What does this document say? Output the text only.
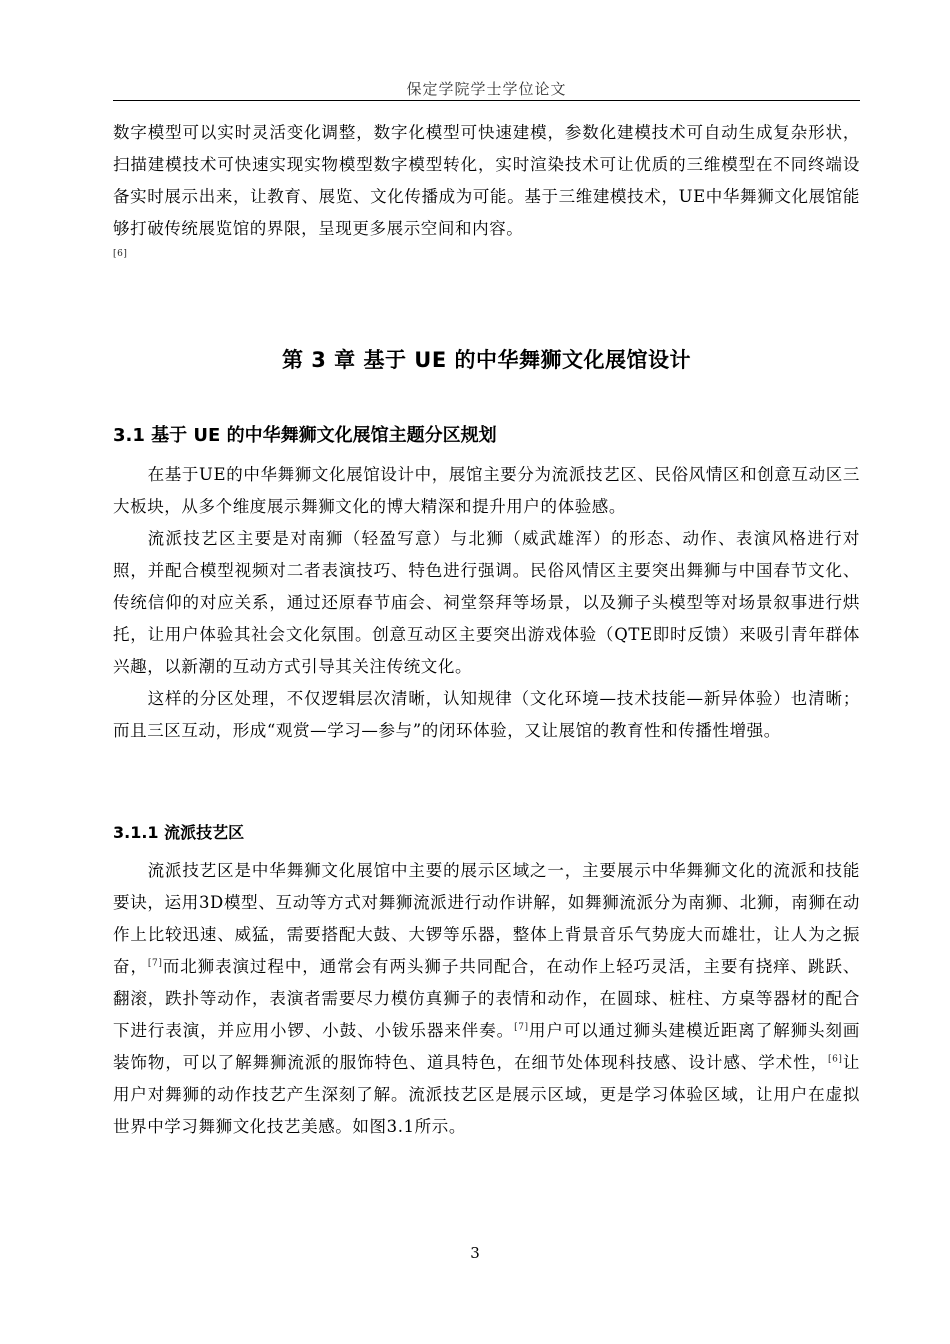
保定学院学士学位论文

数字模型可以实时灵活变化调整，数字化模型可快速建模，参数化建模技术可自动生成复杂形状，扫描建模技术可快速实现实物模型数字模型转化，实时渲染技术可让优质的三维模型在不同终端设备实时展示出来，让教育、展览、文化传播成为可能。基于三维建模技术，UE中华舞狮文化展馆能够打破传统展览馆的界限，呈现更多展示空间和内容。

[6]
第 3 章 基于 UE 的中华舞狮文化展馆设计
3.1 基于 UE 的中华舞狮文化展馆主题分区规划

在基于UE的中华舞狮文化展馆设计中，展馆主要分为流派技艺区、民俗风情区和创意互动区三大板块，从多个维度展示舞狮文化的博大精深和提升用户的体验感。

流派技艺区主要是对南狮（轻盈写意）与北狮（威武雄浑）的形态、动作、表演风格进行对照，并配合模型视频对二者表演技巧、特色进行强调。民俗风情区主要突出舞狮与中国春节文化、传统信仰的对应关系，通过还原春节庙会、祠堂祭拜等场景，以及狮子头模型等对场景叙事进行烘托，让用户体验其社会文化氛围。创意互动区主要突出游戏体验（QTE即时反馈）来吸引青年群体兴趣，以新潮的互动方式引导其关注传统文化。

这样的分区处理，不仅逻辑层次清晰，认知规律（文化环境—技术技能—新异体验）也清晰；而且三区互动，形成“观赏—学习—参与”的闭环体验，又让展馆的教育性和传播性增强。

3.1.1 流派技艺区

流派技艺区是中华舞狮文化展馆中主要的展示区域之一，主要展示中华舞狮文化的流派和技能要诀，运用3D模型、互动等方式对舞狮流派进行动作讲解，如舞狮流派分为南狮、北狮，南狮在动作上比较迅速、威猛，需要搭配大鼓、大锣等乐器，整体上背景音乐气势庞大而雄壮，让人为之振奋，[7]而北狮表演过程中，通常会有两头狮子共同配合，在动作上轻巧灵活，主要有挠痒、跳跃、翻滚，跌扑等动作，表演者需要尽力模仿真狮子的表情和动作，在圆球、桩柱、方桌等器材的配合下进行表演，并应用小锣、小鼓、小钹乐器来伴奏。[7]用户可以通过狮头建模近距离了解狮头刻画装饰物，可以了解舞狮流派的服饰特色、道具特色，在细节处体现科技感、设计感、学术性，[6]让用户对舞狮的动作技艺产生深刻了解。流派技艺区是展示区域，更是学习体验区域，让用户在虚拟世界中学习舞狮文化技艺美感。如图3.1所示。

3
